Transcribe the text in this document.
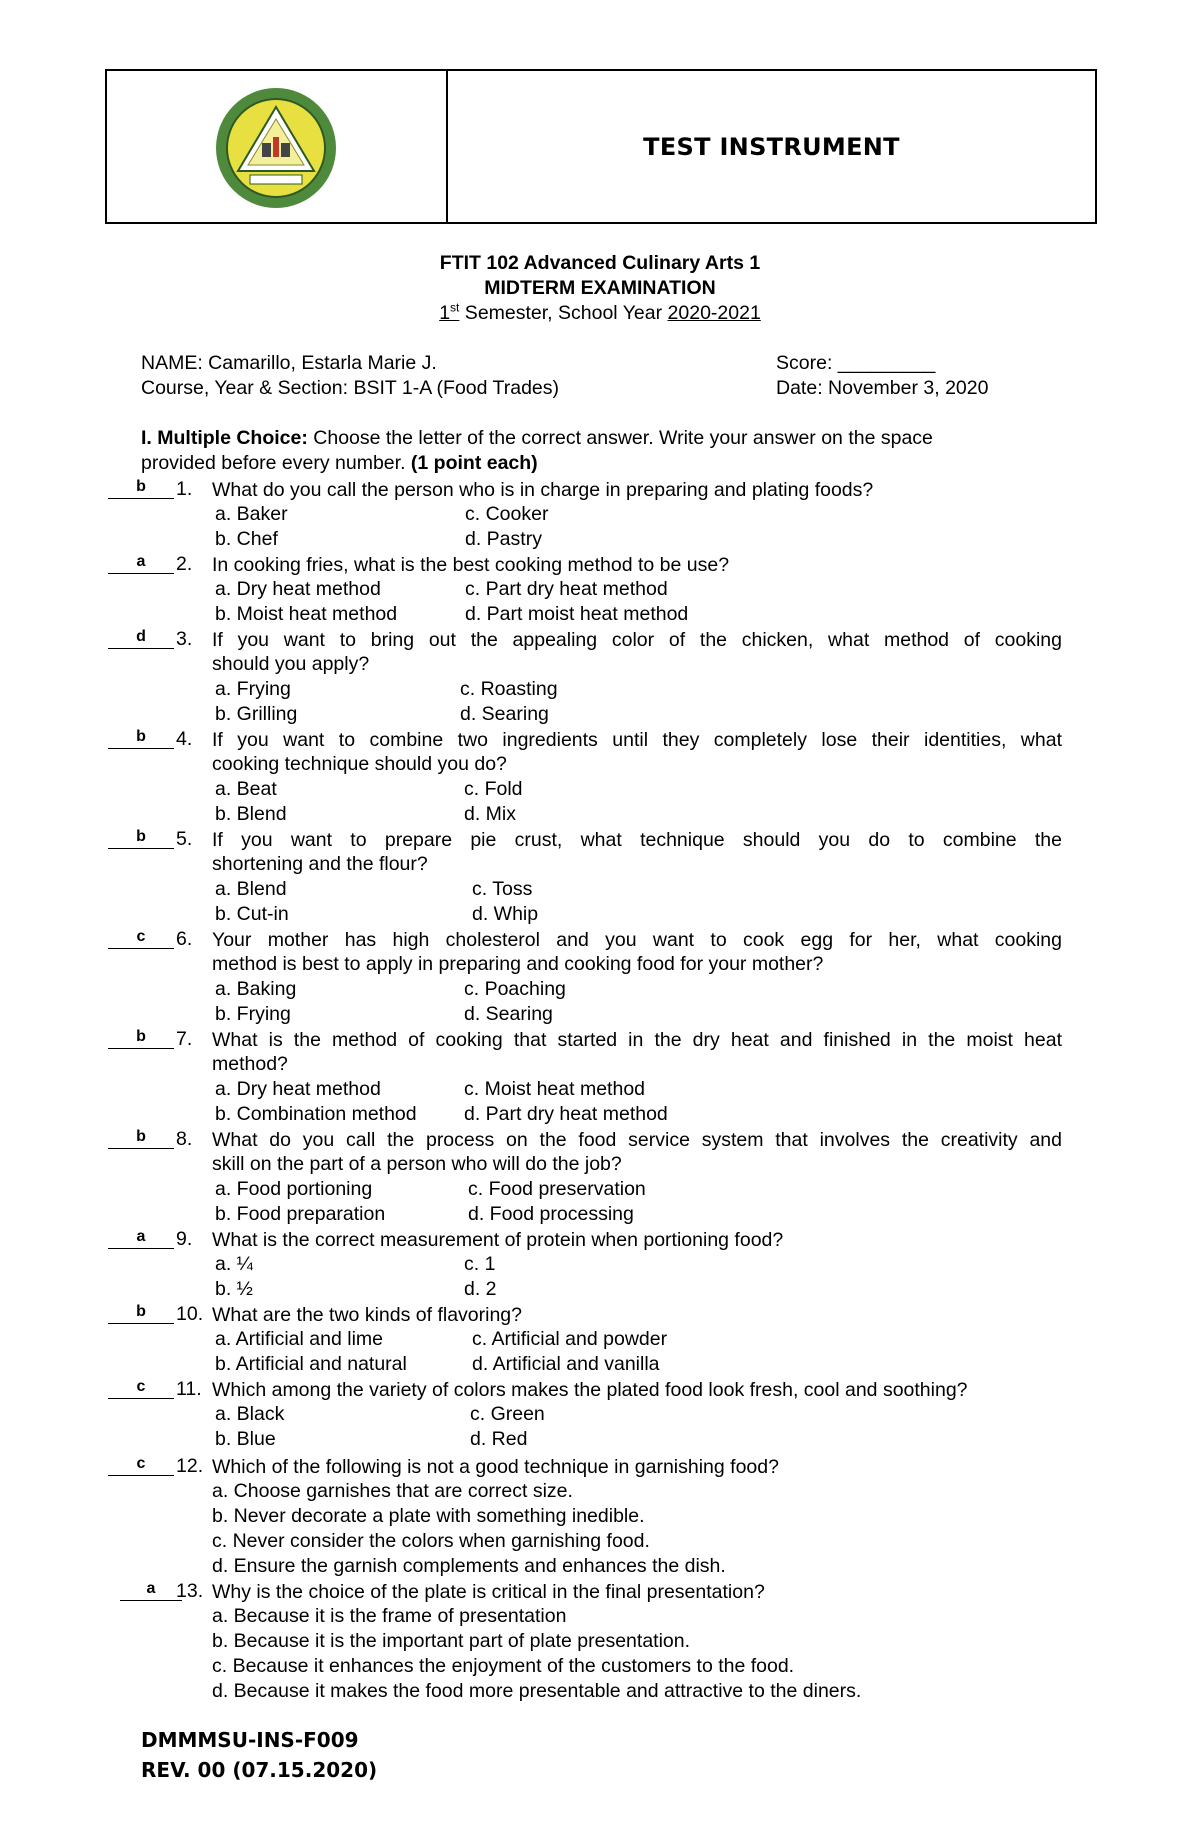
TEST INSTRUMENT
FTIT 102 Advanced Culinary Arts 1
MIDTERM EXAMINATION
1st Semester, School Year 2020-2021
NAME: Camarillo, Estarla Marie J.	Score: _________
Course, Year & Section: BSIT 1-A (Food Trades)	Date: November 3, 2020
I. Multiple Choice: Choose the letter of the correct answer. Write your answer on the space
provided before every number. (1 point each)
b	1. What do you call the person who is in charge in preparing and plating foods?
a. Baker	c. Cooker
b. Chef	d. Pastry
a	2. In cooking fries, what is the best cooking method to be use?
a. Dry heat method	c. Part dry heat method
b. Moist heat method	d. Part moist heat method
d	3. If you want to bring out the appealing color of the chicken, what method of cooking
should you apply?
a. Frying	c. Roasting
b. Grilling	d. Searing
b	4. If you want to combine two ingredients until they completely lose their identities, what
cooking technique should you do?
a. Beat	c. Fold
b. Blend	d. Mix
b	5. If you want to prepare pie crust, what technique should you do to combine the
shortening and the flour?
a. Blend	c. Toss
b. Cut-in	d. Whip
c	6. Your mother has high cholesterol and you want to cook egg for her, what cooking
method is best to apply in preparing and cooking food for your mother?
a. Baking	c. Poaching
b. Frying	d. Searing
b	7. What is the method of cooking that started in the dry heat and finished in the moist heat
method?
a. Dry heat method	c. Moist heat method
b. Combination method d. Part dry heat method
b	8. What do you call the process on the food service system that involves the creativity and
skill on the part of a person who will do the job?
a. Food portioning	c. Food preservation
b. Food preparation	d. Food processing
a	9. What is the correct measurement of protein when portioning food?
a. ¼	c. 1
b. ½	d. 2
b	10. What are the two kinds of flavoring?
a. Artificial and lime	c. Artificial and powder
b. Artificial and natural	d. Artificial and vanilla
c	11. Which among the variety of colors makes the plated food look fresh, cool and soothing?
a. Black	c. Green
b. Blue	d. Red
c	12. Which of the following is not a good technique in garnishing food?
a. Choose garnishes that are correct size.
b. Never decorate a plate with something inedible.
c. Never consider the colors when garnishing food.
d. Ensure the garnish complements and enhances the dish.
a	13. Why is the choice of the plate is critical in the final presentation?
a. Because it is the frame of presentation
b. Because it is the important part of plate presentation.
c. Because it enhances the enjoyment of the customers to the food.
d. Because it makes the food more presentable and attractive to the diners.
DMMMSU-INS-F009
REV. 00 (07.15.2020)
